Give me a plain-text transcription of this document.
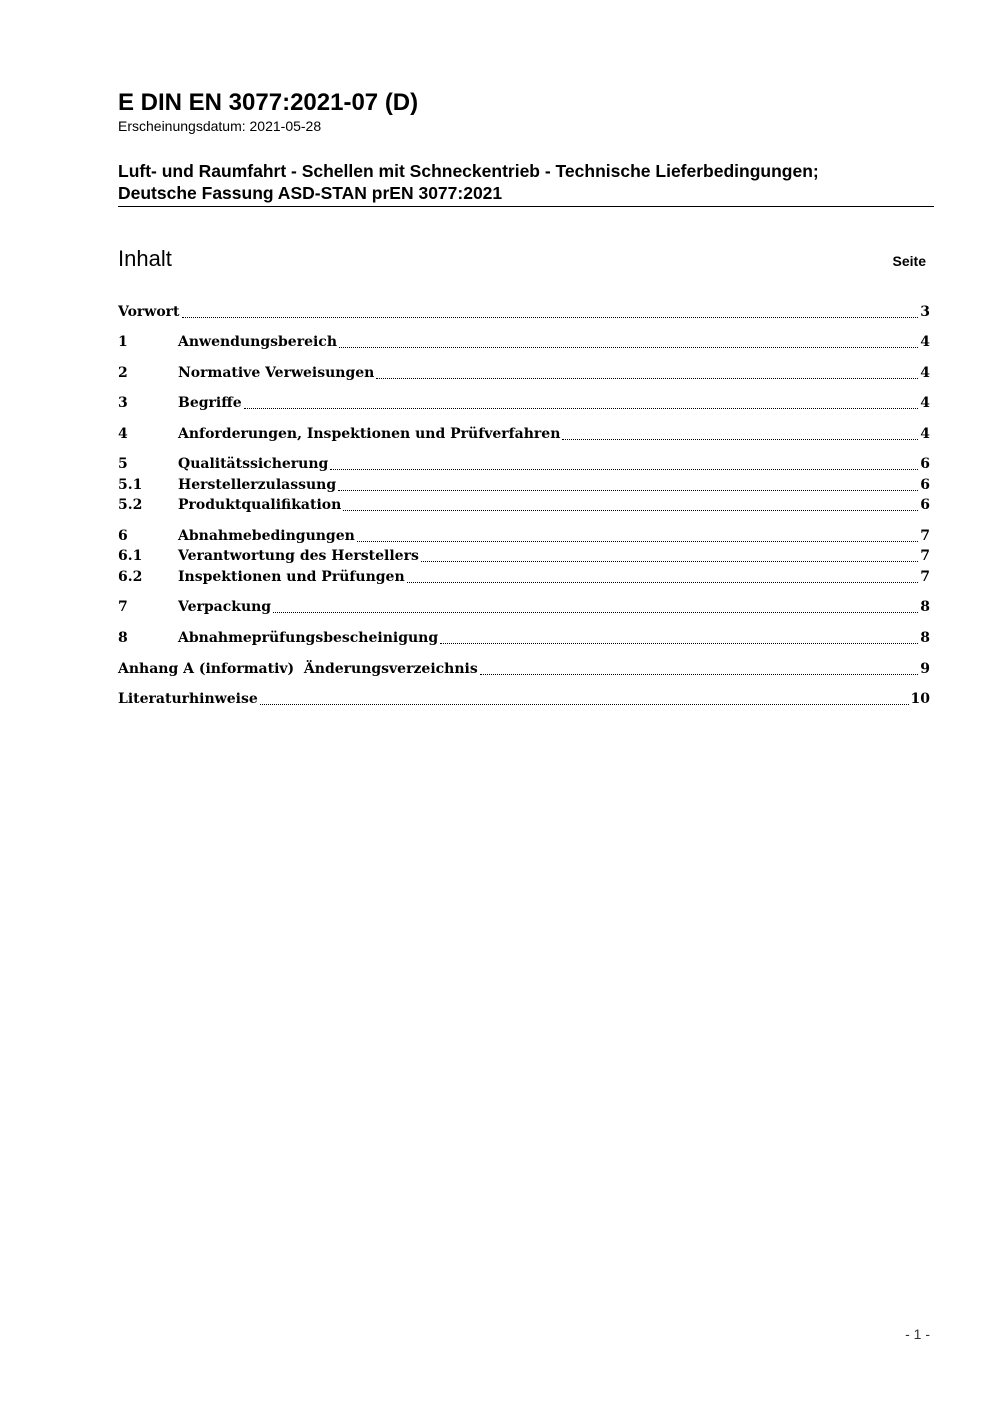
E DIN EN 3077:2021-07 (D)

Erscheinungsdatum: 2021-05-28

Luft- und Raumfahrt - Schellen mit Schneckentrieb - Technische Lieferbedingungen;
Deutsche Fassung ASD-STAN prEN 3077:2021
Inhalt	Seite
Vorwort	3
1	Anwendungsbereich	4
2	Normative Verweisungen	4
3	Begriffe	4
4	Anforderungen, Inspektionen und Prüfverfahren	4
5	Qualitätssicherung	6
5.1	Herstellerzulassung	6
5.2	Produktqualifikation	6
6	Abnahmebedingungen	7
6.1	Verantwortung des Herstellers	7
6.2	Inspektionen und Prüfungen	7
7	Verpackung	8
8	Abnahmeprüfungsbescheinigung	8
Anhang A (informativ)  Änderungsverzeichnis	9
Literaturhinweise	10
- 1 -
